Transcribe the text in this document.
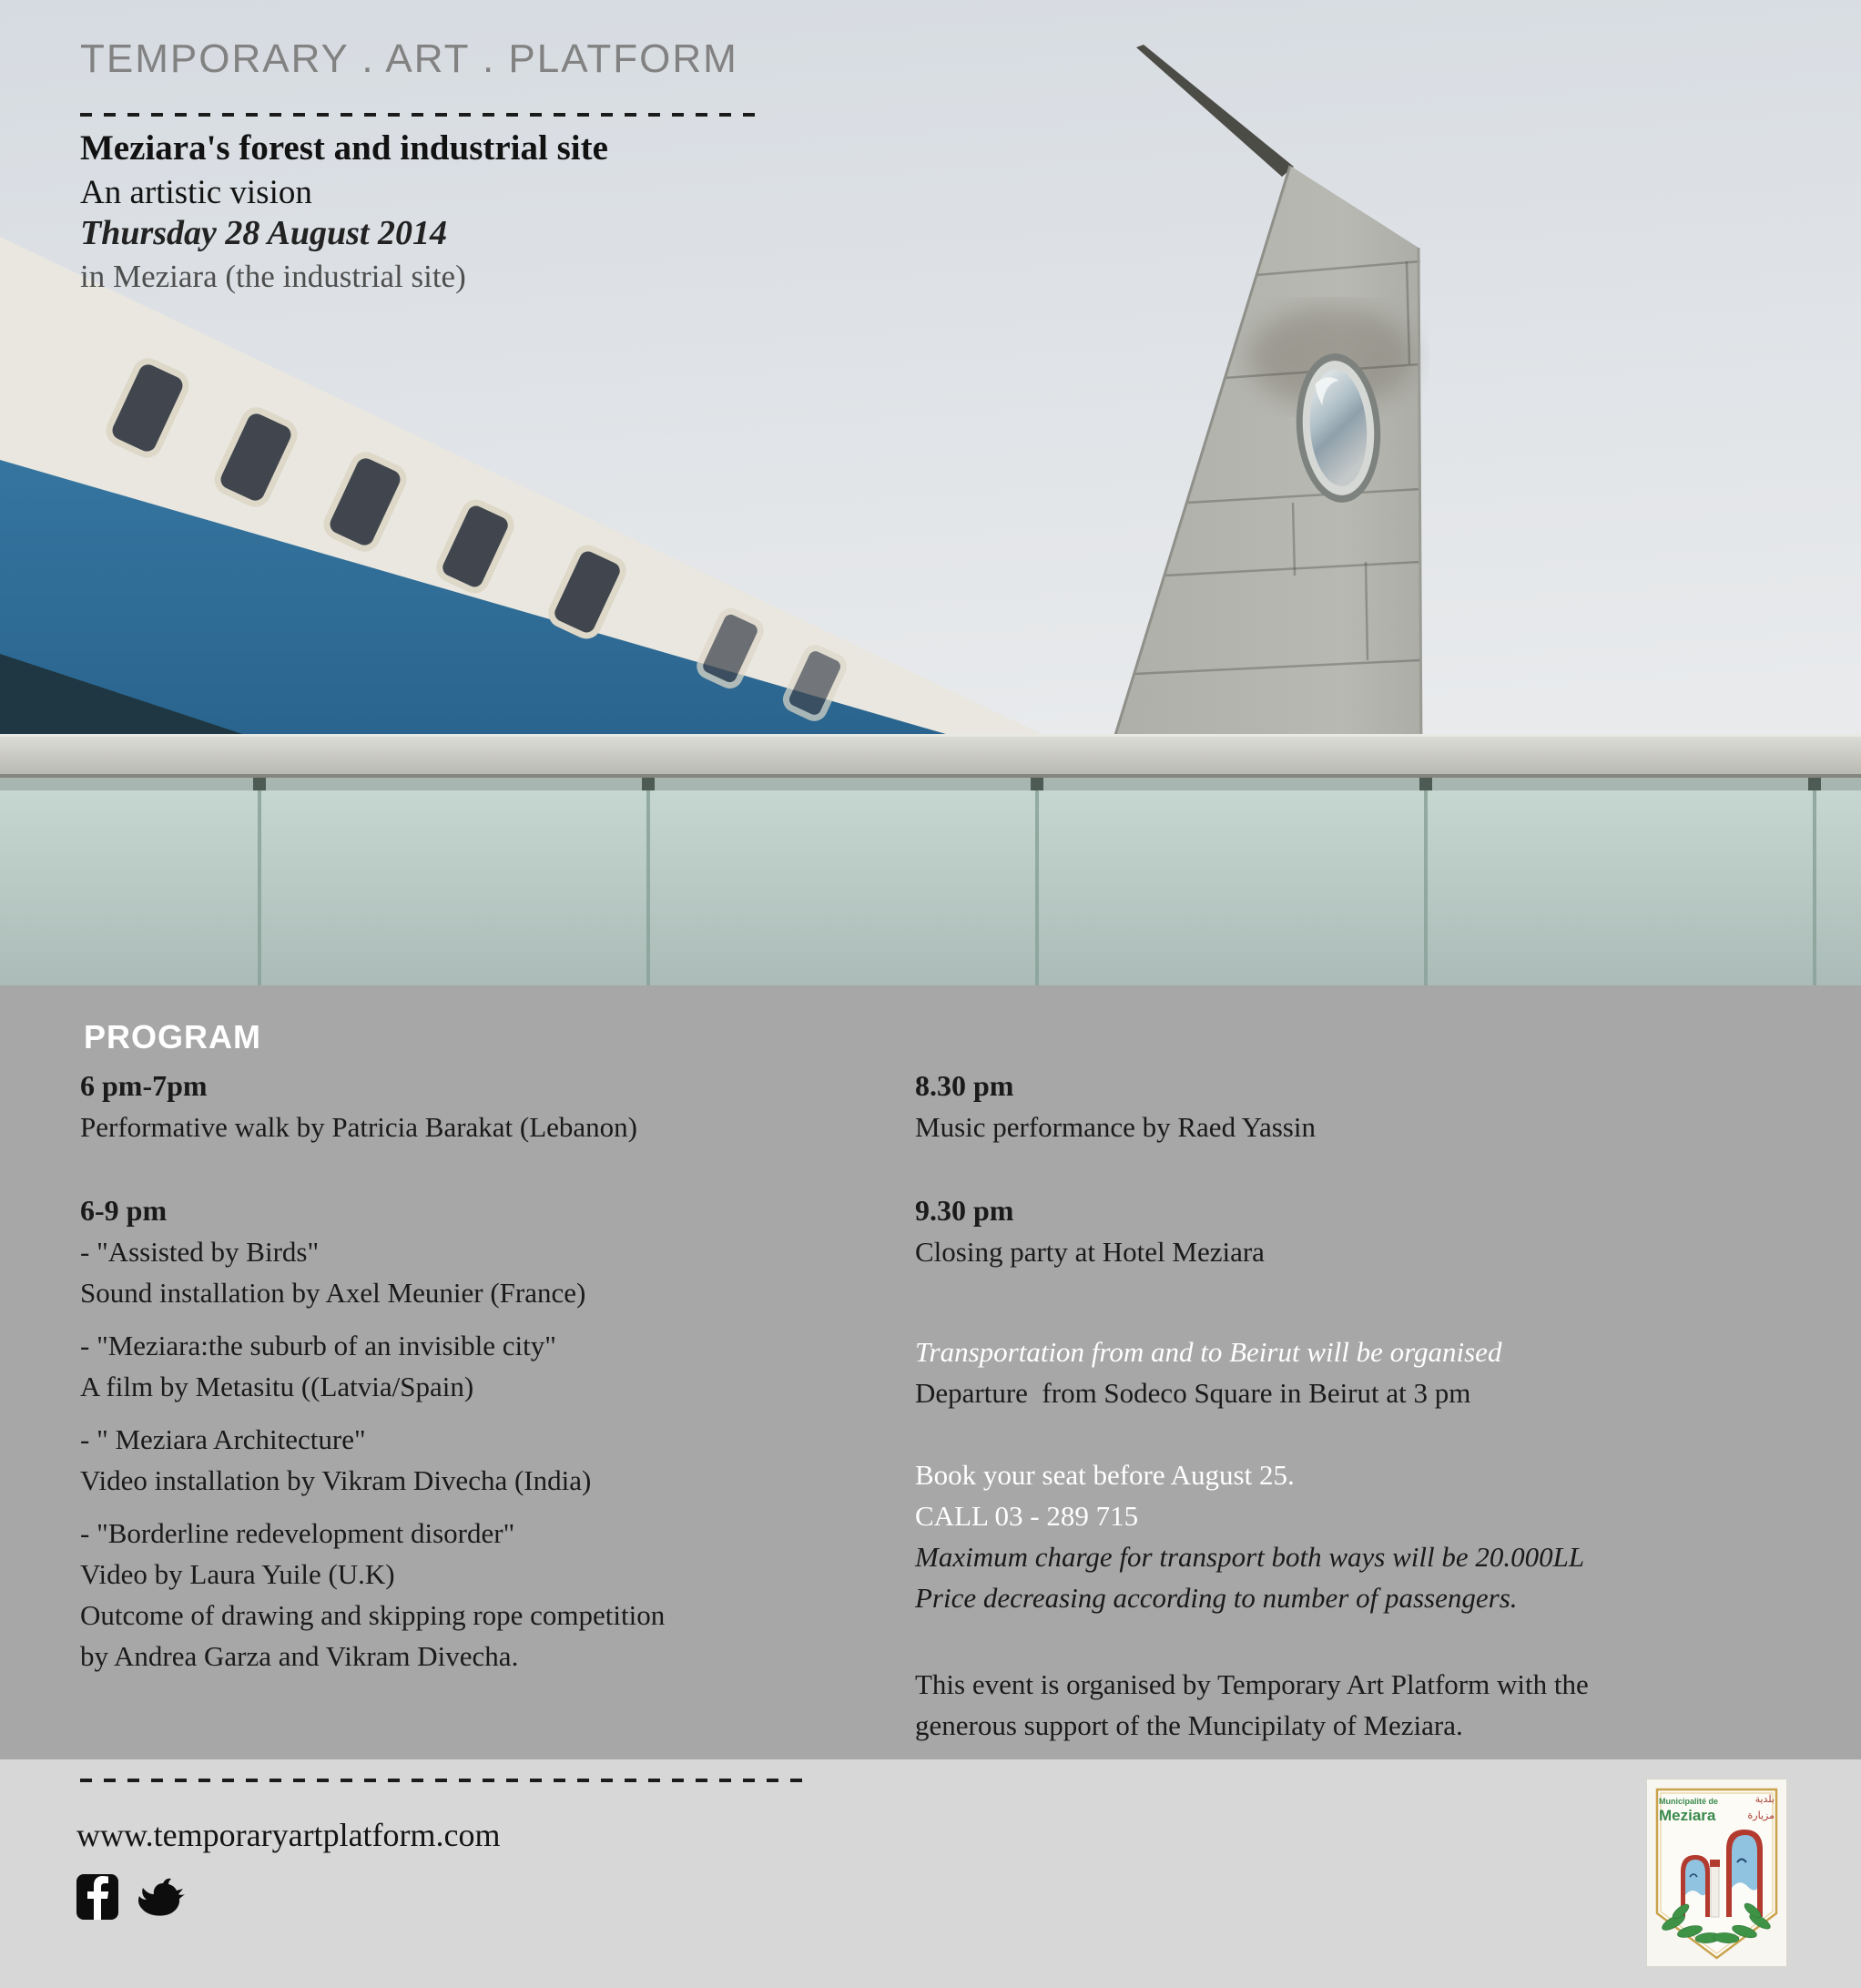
TEMPORARY . ART . PLATFORM
Meziara's forest and industrial site
An artistic vision
Thursday 28 August 2014
in Meziara (the industrial site)
PROGRAM
6 pm-7pm
Performative walk by Patricia Barakat (Lebanon)
6-9 pm
- "Assisted by Birds"
Sound installation by Axel Meunier (France)
- "Meziara:the suburb of an invisible city"
A film by Metasitu ((Latvia/Spain)
- " Meziara Architecture"
Video installation by Vikram Divecha (India)
- "Borderline redevelopment disorder"
Video by Laura Yuile (U.K)
Outcome of drawing and skipping rope competition
by Andrea Garza and Vikram Divecha.
8.30 pm
Music performance by Raed Yassin
9.30 pm
Closing party at Hotel Meziara
Transportation from and to Beirut will be organised
Departure  from Sodeco Square in Beirut at 3 pm
Book your seat before August 25.
CALL 03 - 289 715
Maximum charge for transport both ways will be 20.000LL
Price decreasing according to number of passengers.
This event is organised by Temporary Art Platform with the
generous support of the Muncipilaty of Meziara.
www.temporaryartplatform.com
Municipalité de
Meziara
بلدية
مزيارة
